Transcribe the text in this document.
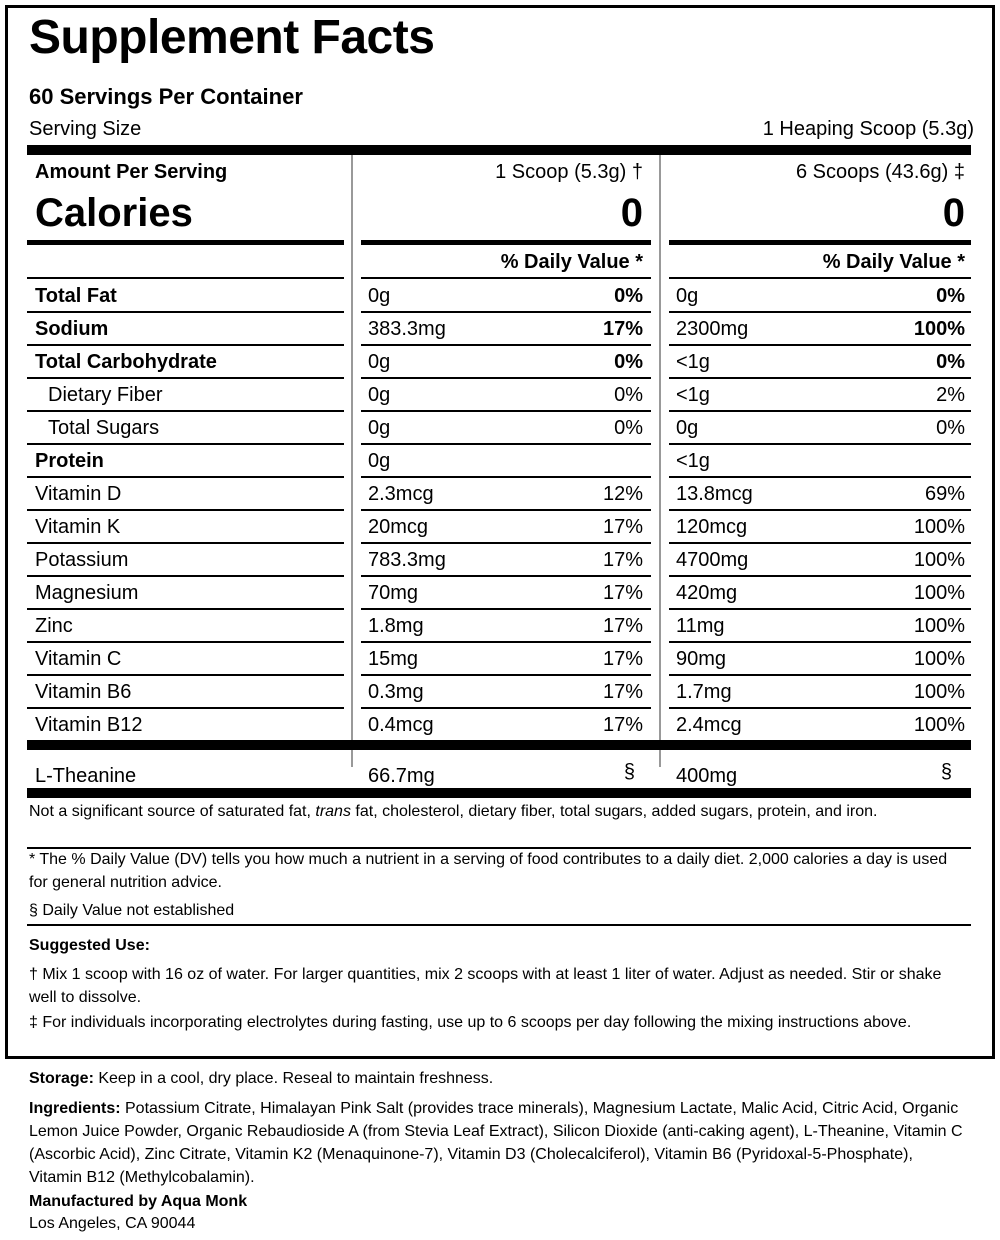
Supplement Facts
60 Servings Per Container
Serving Size	1 Heaping Scoop (5.3g)
Amount Per Serving	1 Scoop (5.3g) †	6 Scoops (43.6g) ‡
Calories	0	0
% Daily Value *	% Daily Value *
Total Fat	0g	0% 0g	0%
Sodium	383.3mg	17% 2300mg	100%
Total Carbohydrate	0g	0% <1g	0%
Dietary Fiber	0g	0% <1g	2%
Total Sugars	0g	0% 0g	0%
Protein	0g	<1g
Vitamin D	2.3mcg	12% 13.8mcg	69%
Vitamin K	20mcg	17% 120mcg	100%
Potassium	783.3mg	17% 4700mg	100%
Magnesium	70mg	17% 420mg	100%
Zinc	1.8mg	17% 11mg	100%
Vitamin C	15mg	17% 90mg	100%
Vitamin B6	0.3mg	17% 1.7mg	100%
Vitamin B12	0.4mcg	17% 2.4mcg	100%
L-Theanine	66.7mg	§ 400mg	§
Not a significant source of saturated fat, trans fat, cholesterol, dietary fiber, total sugars, added sugars, protein, and iron.
* The % Daily Value (DV) tells you how much a nutrient in a serving of food contributes to a daily diet. 2,000 calories a day is used for general nutrition advice.
§ Daily Value not established
Suggested Use:
† Mix 1 scoop with 16 oz of water. For larger quantities, mix 2 scoops with at least 1 liter of water. Adjust as needed. Stir or shake well to dissolve.
‡ For individuals incorporating electrolytes during fasting, use up to 6 scoops per day following the mixing instructions above.
Storage: Keep in a cool, dry place. Reseal to maintain freshness.
Ingredients: Potassium Citrate, Himalayan Pink Salt (provides trace minerals), Magnesium Lactate, Malic Acid, Citric Acid, Organic Lemon Juice Powder, Organic Rebaudioside A (from Stevia Leaf Extract), Silicon Dioxide (anti-caking agent), L-Theanine, Vitamin C (Ascorbic Acid), Zinc Citrate, Vitamin K2 (Menaquinone-7), Vitamin D3 (Cholecalciferol), Vitamin B6 (Pyridoxal-5-Phosphate), Vitamin B12 (Methylcobalamin).
Manufactured by Aqua Monk
Los Angeles, CA 90044
